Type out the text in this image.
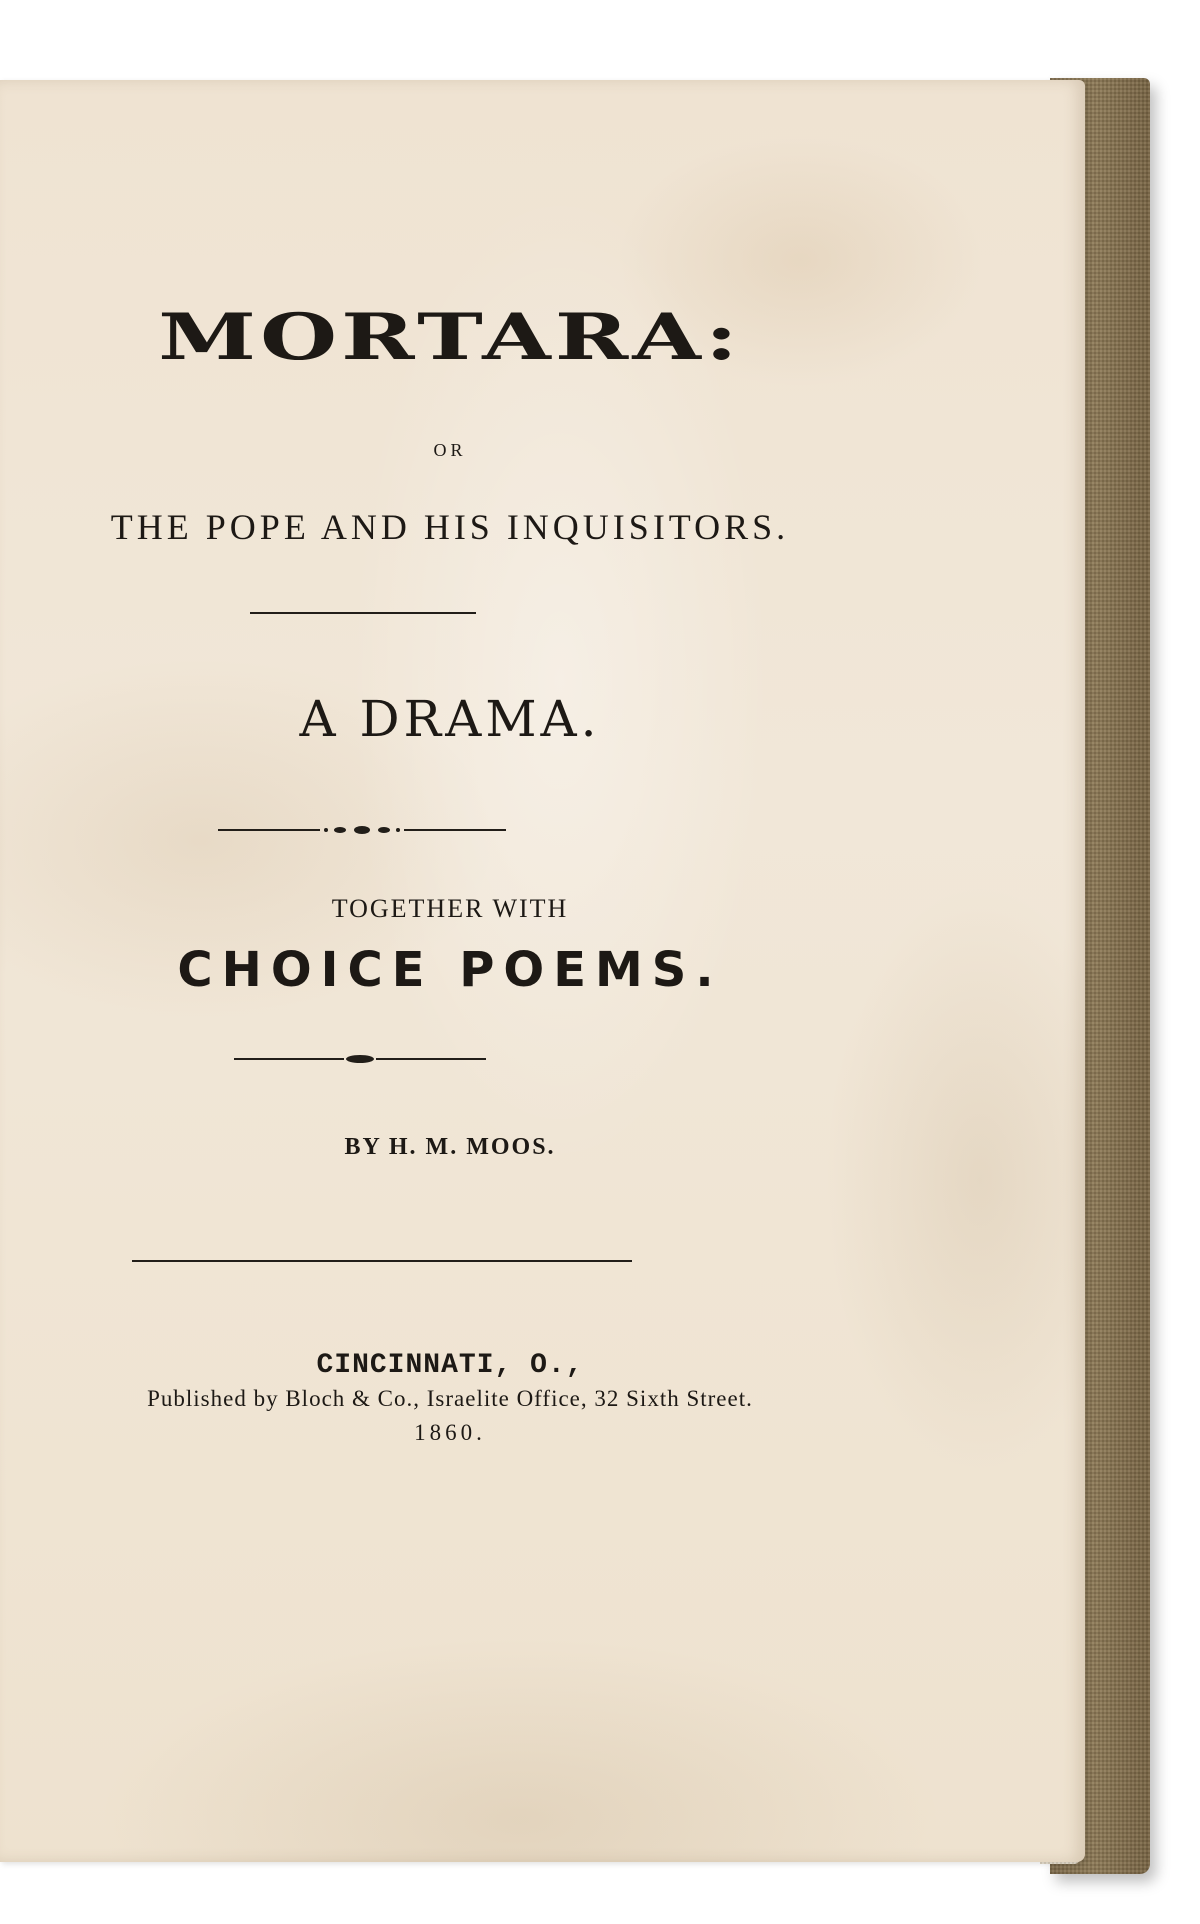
MORTARA:
OR
THE POPE AND HIS INQUISITORS.
A DRAMA.
TOGETHER WITH
CHOICE POEMS.
BY H. M. MOOS.
CINCINNATI, O.,
Published by Bloch & Co., Israelite Office, 32 Sixth Street.
1860.
